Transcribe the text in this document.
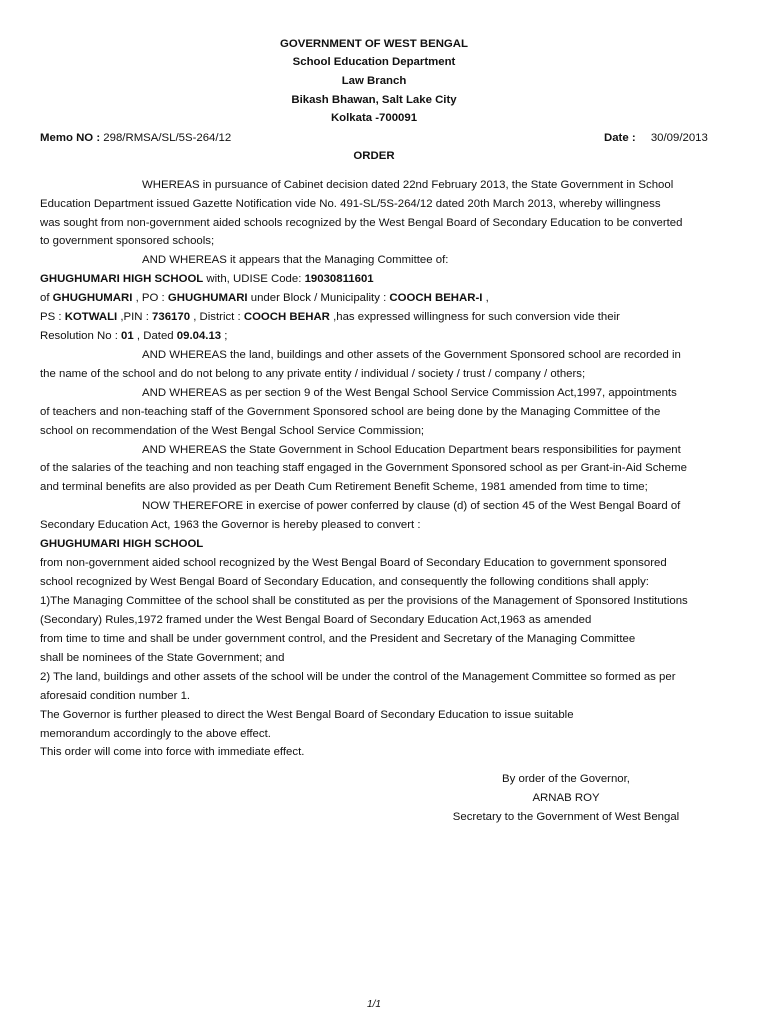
GOVERNMENT OF WEST BENGAL
School Education Department
Law Branch
Bikash Bhawan, Salt Lake City
Kolkata -700091
Memo NO : 298/RMSA/SL/5S-264/12	Date : 30/09/2013
ORDER
WHEREAS in pursuance of Cabinet decision dated 22nd February 2013, the State Government in School
Education Department issued Gazette Notification vide No. 491-SL/5S-264/12 dated 20th March 2013, whereby willingness
was sought from non-government aided schools recognized by the West Bengal Board of Secondary Education to be converted
to government sponsored schools;
AND WHEREAS it appears that the Managing Committee of:
GHUGHUMARI HIGH SCHOOL with, UDISE Code: 19030811601
of GHUGHUMARI , PO : GHUGHUMARI under Block / Municipality : COOCH BEHAR-I ,
PS : KOTWALI ,PIN : 736170 , District : COOCH BEHAR ,has expressed willingness for such conversion vide their
Resolution No : 01 , Dated 09.04.13 ;
AND WHEREAS the land, buildings and other assets of the Government Sponsored school are recorded in
the name of the school and do not belong to any private entity / individual / society / trust / company / others;
AND WHEREAS as per section 9 of the West Bengal School Service Commission Act,1997, appointments
of teachers and non-teaching staff of the Government Sponsored school are being done by the Managing Committee of the
school on recommendation of the West Bengal School Service Commission;
AND WHEREAS the State Government in School Education Department bears responsibilities for payment
of the salaries of the teaching and non teaching staff engaged in the Government Sponsored school as per Grant-in-Aid Scheme
and terminal benefits are also provided as per Death Cum Retirement Benefit Scheme, 1981 amended from time to time;
NOW THEREFORE in exercise of power conferred by clause (d) of section 45 of the West Bengal Board of
Secondary Education Act, 1963 the Governor is hereby pleased to convert :
GHUGHUMARI HIGH SCHOOL
from non-government aided school recognized by the West Bengal Board of Secondary Education to government sponsored
school recognized by West Bengal Board of Secondary Education, and consequently the following conditions shall apply:
1)The Managing Committee of the school shall be constituted as per the provisions of the Management of Sponsored Institutions
(Secondary) Rules,1972 framed under the West Bengal Board of Secondary Education Act,1963 as amended
from time to time and shall be under government control, and the President and Secretary of the Managing Committee
shall be nominees of the State Government; and
2) The land, buildings and other assets of the school will be under the control of the Management Committee so formed as per
aforesaid condition number 1.
The Governor is further pleased to direct the West Bengal Board of Secondary Education to issue suitable
memorandum accordingly to the above effect.
This order will come into force with immediate effect.
By order of the Governor,
ARNAB ROY
Secretary to the Government of West Bengal
1/1
